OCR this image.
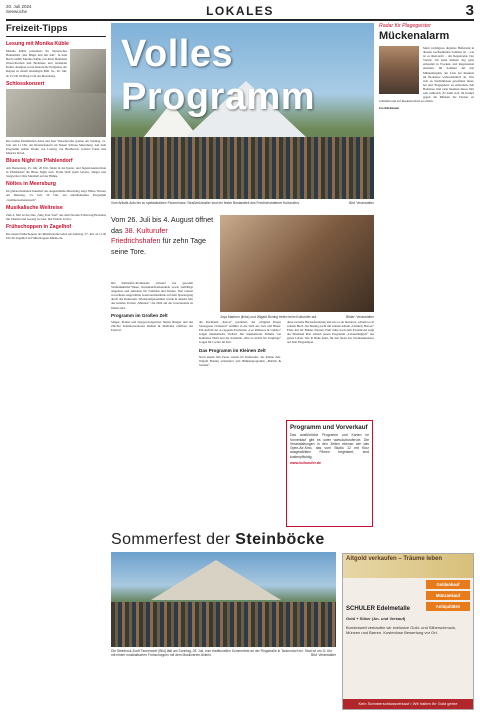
20. Juli 2024
Seewoche	LOKALES	3
Freizeit-Tipps
Lesung mit Monika Küble

Monika Küble präsentiert ihr literarisches Heimatbild „Der Hügel und mir nah“. In dem Buch erzählt Monika Küble von ihren Heimaten Oberschwaben und Bodensee und vermeldet Kultur, Religion sowie historische Ereignisse der Region zu einem lebendigen Bild. Sa., 20. Juli, ab 15 Uhr im Burg-Café der Meersburg.

Schlosskonzert

Die beiden Pianistinnen Anna und Ines Walachowski spielen am Sonntag, 21. Juli, um 11 Uhr, ein Klavierkonzert im Neuen Schloss Meersburg. Auf dem Programm stehen Werke von Ludwig van Beethoven, Gabriel Fauré und Maurice Ravel.

Blues Night im Pfahlendorf

Am Donnerstag, 25. Juli, 20 Uhr, findet in der Kunst- und Jugend-kunstschule in Pfahlendorf die Blues Night statt. Frank Wolf spielt Gitarre, Sänger und Songwriter Chris Marshall auf der Bühne.

Nöltes in Meersburg

Im glutarotbemalten Innenhof des Augustinums Meersburg zeigt Nöltes Theater am Dienstag, 23. Juli, 20 Uhr, ein unterhaltsames Programm „Sommersonnenrausch“.

Musikalische Weltreise

Zum 4. Mal ist das Duo „Sing Your Soul“ aus dem Norden Schleswig-Holsteins mit Ukulele und Gesang zu Gast. Der Eintritt ist frei.

Frühschoppen in Zagelhof

Die neuen Frühschoppen der Musikvereine laden am Samstag, 27. Juli, ab 11.30 Uhr im Zagelhof zu Frühschoppen-Musik ein.

Volles Programm
Vom Artistik-Acts bis zu spektakulären Feuershows: Straßenkünstler sind ein fester Bestandteil des Friedrichshafener Kulturufers.	Bild: Veranstalter
Vom 26. Juli bis 4. August öffnet das 38. Kulturufer Friedrichshafen für zehn Tage seine Tore.
Joya Marleen (links) und Wigald Boning treten beim Kulturufer auf.	Bilder: Veranstalter

Die Kulturufer-Promenade schwebt wie gewohnt Straßenkünstler*innen, Kunsthandwerksstände sowie vielfältige Angebote und Aktionen für Familien und Kinder. Den Gästen verwöhnen ausgewählte Gastronomiestände auf dem Spaziergang durch das Kulturufer. Wiederaufgenommen wurde in diesem Jahr das beliebte Format „Matinee“: die 2024 auf der Gastronomie zu finden sind.

Programm im Großen Zelt

Sänger, Pianist und Doppel-Songwriter Simon Bunger und das Zürcher Kammerorchester Riehen & Madlaina eröffnen das Festival.

die Rockband „Ketcar“ garantiert, das „Original Prager Strassgauer Orchestra“ entführt in die Welt des Jazz und Blues. Ein Auftritt der A-cappella-Formation „Lee Rittneres & UpDuo“ zeigen musikalische Vielfalt. Der musikalische Stimme von Katharina Hohl und die Komödie „Ehe ist nichts für Feiglinge“ sorgen für Lacher im Zelt.

Das Programm im Kleinen Zelt

Nach einem Jahr Pause wieder im Kulturufer: das Kleine Zelt. Wigald Boning präsentiert sein Bühnenprogramm „Bobble & Sounds“.

diese extreme Herausforderung und wie er sie meisterte, schreibt er in seinem Buch. Jan Boning pacht mit seinem Album „Unlikely Heroes“ Ende Juli der Brüder Zutaten. Fünf Jahre nach dem Eventbrand zeigt der Ehemann über seinem neuen Programm „Lebenslänglich“ das ganze Leben. Wer in Ruhe feiert, für den bietet das Verdienstkreuzes auf dem Flugstempel.

Programm und Vorverkauf

Das ausführliche Programm und Karten im Vorverkauf gibt es unter www.kulturufer.de. Die Veranstaltungen in den Zelten ebenso wie das Open-Air-Kino, das vom Studio 12 mit Kürz ausgewählten Filmen begeistert, sind kostenpflichtig.

www.kulturufer.de

Radar für Plagegeister
Mückenalarm

Mein wichtigstes digitales Helferlein in diesem wechselhaften Sommer ist – wie ist es überrascht – der Regenradar. Der Vorteil: Ich kann meinen Tag ganz entspannt in Trocken- und Regenzeiten einteilen. Im Sommer auf den Mückenbeginn, der Liste der Insekten im Bodensee wahrscheinlich ab. Wer sich an Stechmücken gewöhnen muss, hat jetzt Plagegeister zu entdecken. Am Bodensee sind viele Insekten dieses Jahr sehr zahlreich. Es lohnt sich, im Kampf gegen die Mücken die Fenster zu schließen und auf Insektenschutz zu achten.

Ute Rückmann

Sommerfest der Steinböcke
Die Steinbock-Zunft Tannendorf (Bild) lädt am Sonntag, 28. Juli, zum traditionellen Sommerfest an der Ringstraße in Tannendorf ein. Start ist um 11 Uhr mit einem musikalischen Frühschoppen mit dem Musikverein Ahlerin.	Bild: Veranstalter
Altgold verkaufen – Träume leben
Goldankauf
Münzankauf
Antiquitäten
SCHULER Edelmetalle
Gold + Silber (An- und Verkauf)
Bundesweit verkaufen wir exklusive Gold- und Silberschmuck, Münzen und Barren. Kostenlose Bewertung vor Ort.
Kein Sommerschlussverkauf • Wir halten Ihr Gold gerne
